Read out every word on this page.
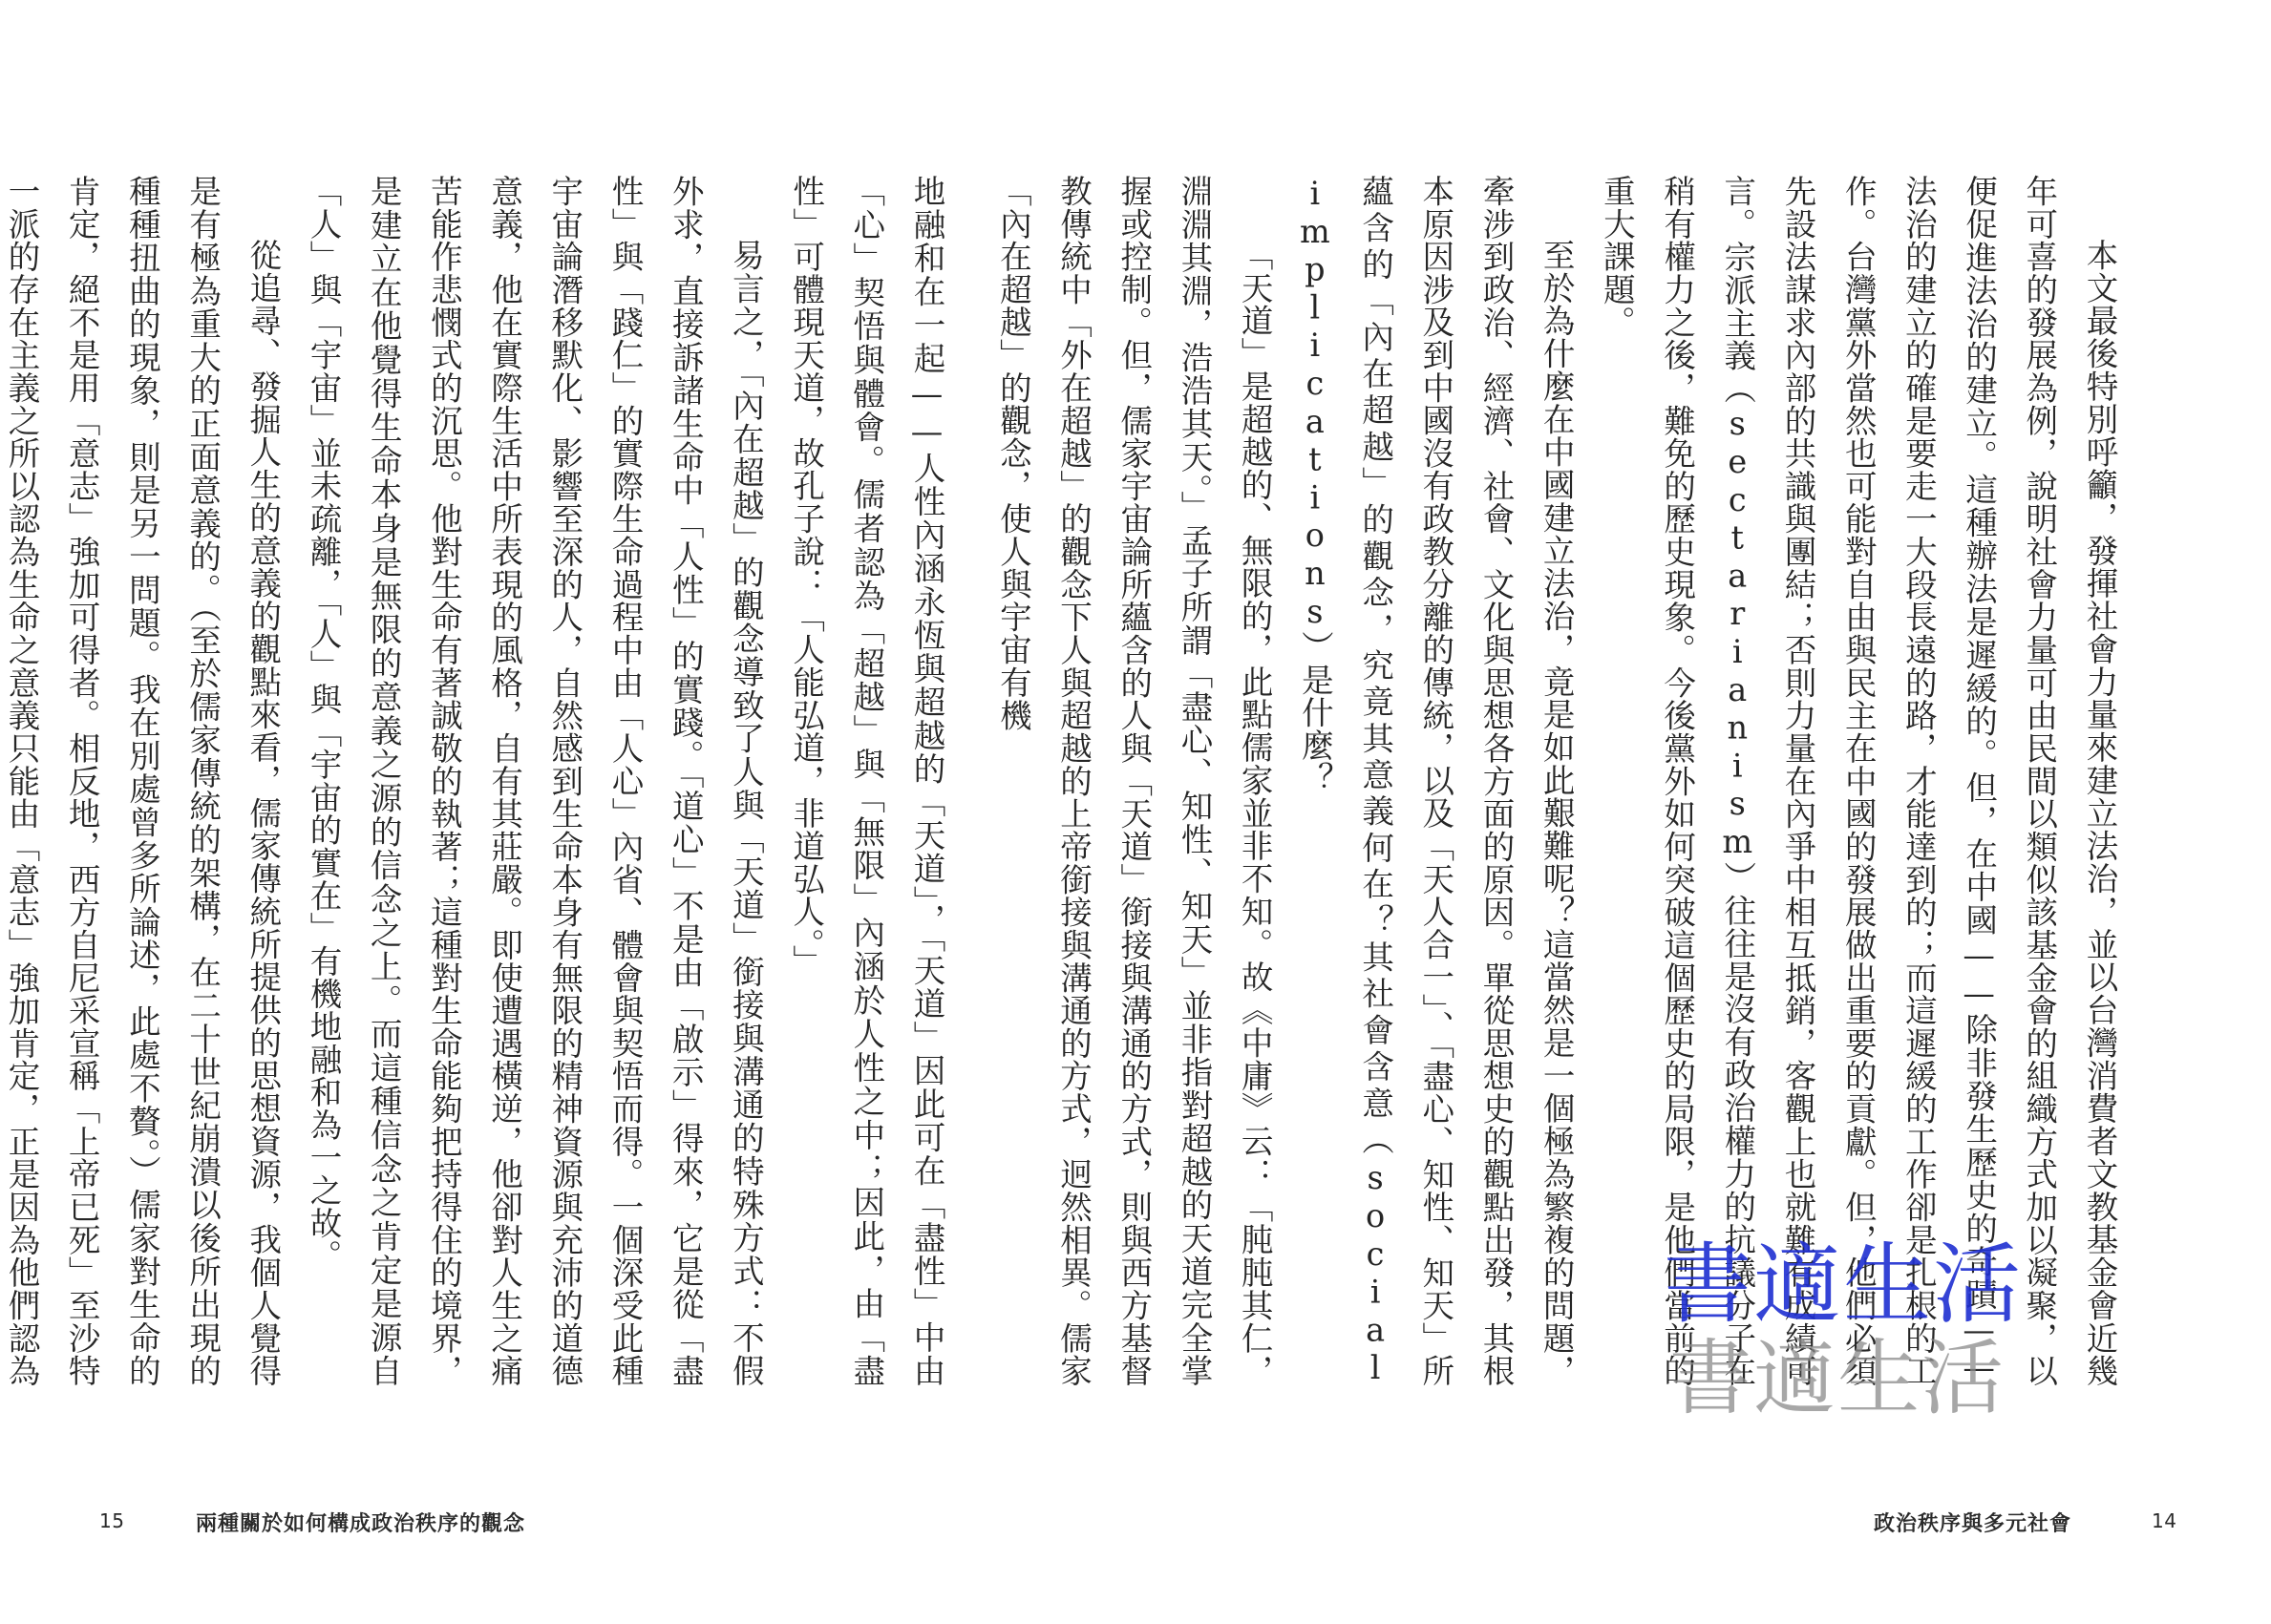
地融和在一起——人性內涵永恆與超越的「天道」，「天道」因此可在「盡性」中由「心」契悟與體會。儒者認為「超越」與「無限」內涵於人性之中；因此，由「盡性」可體現天道，故孔子說：「人能弘道，非道弘人。」

易言之，「內在超越」的觀念導致了人與「天道」銜接與溝通的特殊方式：不假外求，直接訴諸生命中「人性」的實踐。「道心」不是由「啟示」得來，它是從「盡性」與「踐仁」的實際生命過程中由「人心」內省、體會與契悟而得。一個深受此種宇宙論潛移默化、影響至深的人，自然感到生命本身有無限的精神資源與充沛的道德意義，他在實際生活中所表現的風格，自有其莊嚴。即使遭遇橫逆，他卻對人生之痛苦能作悲憫式的沉思。他對生命有著誠敬的執著；這種對生命能夠把持得住的境界，是建立在他覺得生命本身是無限的意義之源的信念之上。而這種信念之肯定是源自「人」與「宇宙」並未疏離，「人」與「宇宙的實在」有機地融和為一之故。

從追尋、發掘人生的意義的觀點來看，儒家傳統所提供的思想資源，我個人覺得是有極為重大的正面意義的。（至於儒家傳統的架構，在二十世紀崩潰以後所出現的種種扭曲的現象，則是另一問題。我在別處曾多所論述，此處不贅。）儒家對生命的肯定，絕不是用「意志」強加可得者。相反地，西方自尼采宣稱「上帝已死」至沙特一派的存在主義之所以認為生命之意義只能由「意志」強加肯定，正是因為他們認為

15	兩種關於如何構成政治秩序的觀念

本文最後特別呼籲，發揮社會力量來建立法治，並以台灣消費者文教基金會近幾年可喜的發展為例，說明社會力量可由民間以類似該基金會的組織方式加以凝聚，以便促進法治的建立。這種辦法是遲緩的。但，在中國——除非發生歷史的奇蹟——法治的建立的確是要走一大段長遠的路，才能達到的；而這遲緩的工作卻是扎根的工作。台灣黨外當然也可能對自由與民主在中國的發展做出重要的貢獻。但，他們必須先設法謀求內部的共識與團結；否則力量在內爭中相互抵銷，客觀上也就難有成績可言。宗派主義（sectarianism）往往是沒有政治權力的抗議分子在稍有權力之後，難免的歷史現象。今後黨外如何突破這個歷史的局限，是他們當前的重大課題。

至於為什麼在中國建立法治，竟是如此艱難呢？這當然是一個極為繁複的問題，牽涉到政治、經濟、社會、文化與思想各方面的原因。單從思想史的觀點出發，其根本原因涉及到中國沒有政教分離的傳統，以及「天人合一」、「盡心、知性、知天」所蘊含的「內在超越」的觀念，究竟其意義何在？其社會含意（social implications）是什麼？

「天道」是超越的、無限的，此點儒家並非不知。故《中庸》云：「肫肫其仁，淵淵其淵，浩浩其天。」孟子所謂「盡心、知性、知天」並非指對超越的天道完全掌握或控制。但，儒家宇宙論所蘊含的人與「天道」銜接與溝通的方式，則與西方基督教傳統中「外在超越」的觀念下人與超越的上帝銜接與溝通的方式，迥然相異。儒家「內在超越」的觀念，使人與宇宙有機

14
政治秩序與多元社會
書適生活
書適生活
